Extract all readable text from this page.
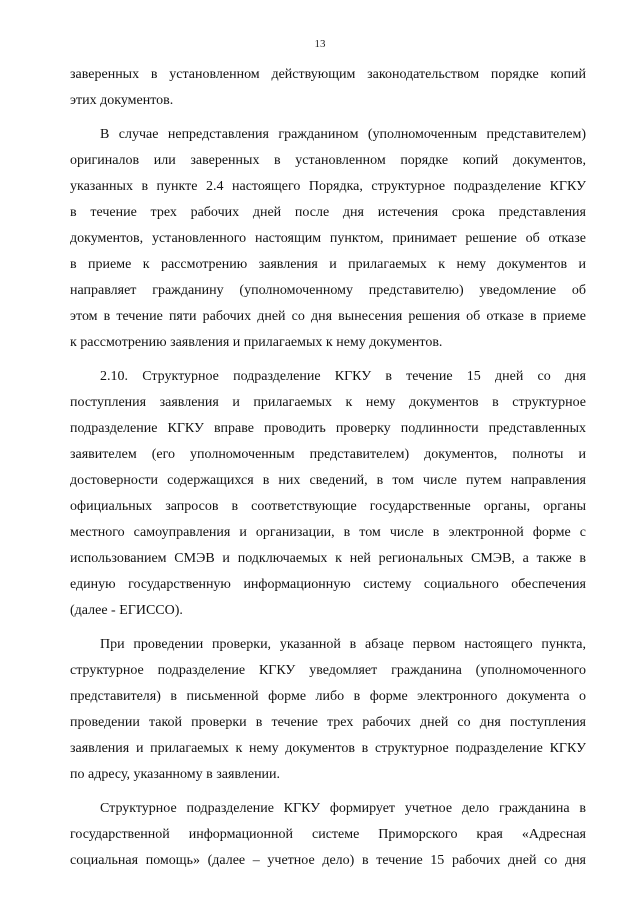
13
заверенных в установленном действующим законодательством порядке копий
этих документов.
В случае непредставления гражданином (уполномоченным представителем)
оригиналов или заверенных в установленном порядке копий документов,
указанных в пункте 2.4 настоящего Порядка, структурное подразделение КГКУ
в течение трех рабочих дней после дня истечения срока представления
документов, установленного настоящим пунктом, принимает решение об отказе
в приеме к рассмотрению заявления и прилагаемых к нему документов и
направляет гражданину (уполномоченному представителю) уведомление об
этом в течение пяти рабочих дней со дня вынесения решения об отказе в приеме
к рассмотрению заявления и прилагаемых к нему документов.
2.10. Структурное подразделение КГКУ в течение 15 дней со дня
поступления заявления и прилагаемых к нему документов в структурное
подразделение КГКУ вправе проводить проверку подлинности представленных
заявителем (его уполномоченным представителем) документов, полноты и
достоверности содержащихся в них сведений, в том числе путем направления
официальных запросов в соответствующие государственные органы, органы
местного самоуправления и организации, в том числе в электронной форме с
использованием СМЭВ и подключаемых к ней региональных СМЭВ, а также в
единую государственную информационную систему социального обеспечения
(далее - ЕГИССО).
При проведении проверки, указанной в абзаце первом настоящего пункта,
структурное подразделение КГКУ уведомляет гражданина (уполномоченного
представителя) в письменной форме либо в форме электронного документа о
проведении такой проверки в течение трех рабочих дней со дня поступления
заявления и прилагаемых к нему документов в структурное подразделение КГКУ
по адресу, указанному в заявлении.
Структурное подразделение КГКУ формирует учетное дело гражданина в
государственной информационной системе Приморского края «Адресная
социальная помощь» (далее – учетное дело) в течение 15 рабочих дней со дня
